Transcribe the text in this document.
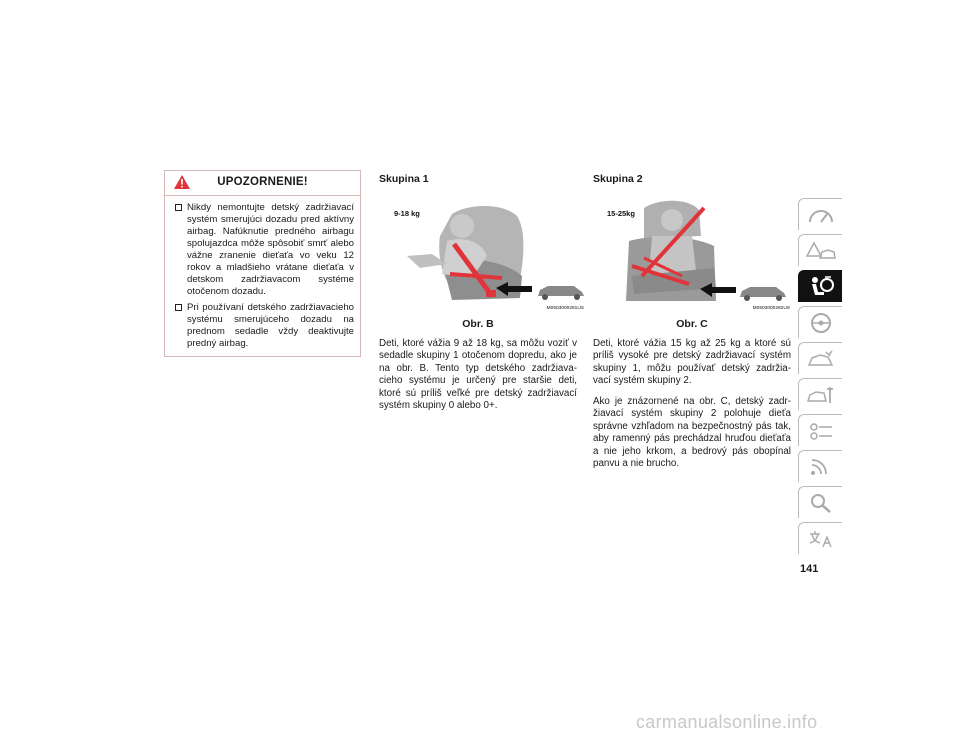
UPOZORNENIE!
Nikdy nemontujte detský zadržiavací systém smerujúci dozadu pred aktívny airbag. Nafúknutie predného airbagu spolujazdca môže spôsobiť smrť alebo vážne zranenie dieťaťa vo veku 12 rokov a mladšieho vrátane dieťaťa v detskom zadržiavacom systéme otočenom dozadu.
Pri používaní detského zadržiavacieho systému smerujúceho dozadu na prednom sedadle vždy deaktivujte predný airbag.
Skupina 1
9-18 kg
M0503000281US
Obr. B

Deti, ktoré vážia 9 až 18 kg, sa môžu voziť v sedadle skupiny 1 otočenom dopredu, ako je na obr. B. Tento typ detského zadržiava-cieho systému je určený pre staršie deti, ktoré sú príliš veľké pre detský zadržiavací systém skupiny 0 alebo 0+.

Skupina 2
15-25kg
M0503000282US
Obr. C

Deti, ktoré vážia 15 kg až 25 kg a ktoré sú príliš vysoké pre detský zadržiavací systém skupiny 1, môžu používať detský zadržia-vací systém skupiny 2.

Ako je znázornené na obr. C, detský zadr-žiavací systém skupiny 2 polohuje dieťa správne vzhľadom na bezpečnostný pás tak, aby ramenný pás prechádzal hruďou dieťaťa a nie jeho krkom, a bedrový pás obopínal panvu a nie brucho.

141
carmanualsonline.info
